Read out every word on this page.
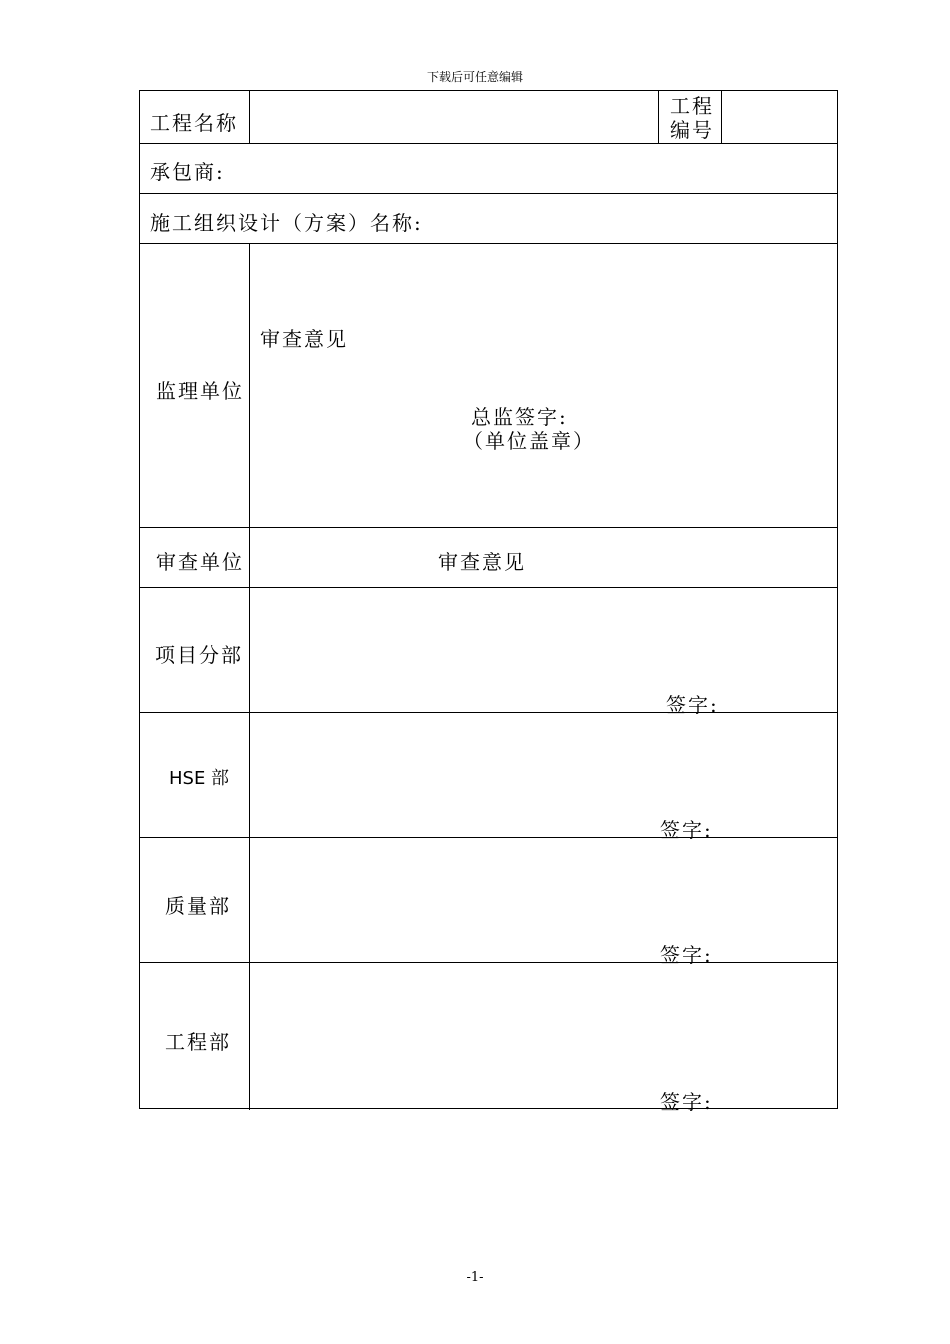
下载后可任意编辑
工程名称
工程
编号
承包商:
施工组织设计（方案）名称:
监理单位
审查意见
总监签字:
（单位盖章）
审查单位	审查意见
项目分部
签字:
HSE 部
签字:
质量部
签字:
工程部
签字:
-1-
